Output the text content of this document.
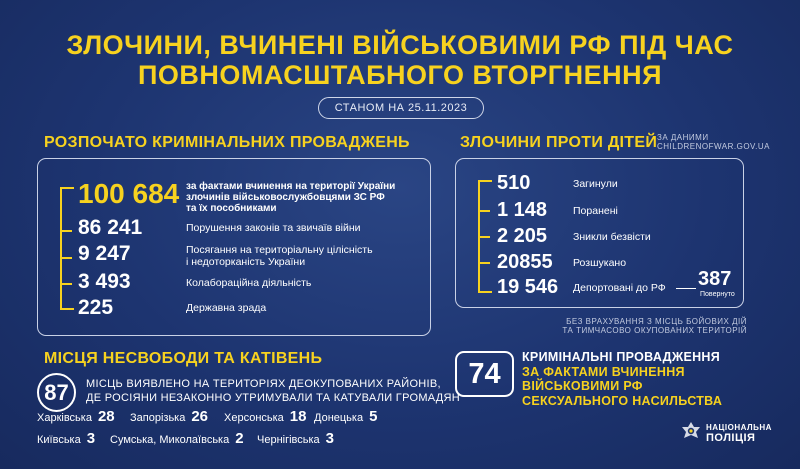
ЗЛОЧИНИ, ВЧИНЕНІ ВІЙСЬКОВИМИ РФ ПІД ЧАС
ПОВНОМАСШТАБНОГО ВТОРГНЕННЯ
СТАНОМ НА 25.11.2023
РОЗПОЧАТО КРИМІНАЛЬНИХ ПРОВАДЖЕНЬ
100 684 за фактами вчинення на території України
злочинів військовослужбовцями ЗС РФ
та їх пособниками
86 241	Порушення законів та звичаїв війни
9 247	Посягання на територіальну цілісність
і недоторканість України
3 493	Колабораційна діяльність
225	Державна зрада
ЗЛОЧИНИ ПРОТИ ДІТЕЙ ЗА ДАНИМИ
CHILDRENOFWAR.GOV.UA
510	Загинули
1 148 Поранені
2 205 Зникли безвісти
20855 Розшукано
19 546 Депортовані до РФ 387
Повернуто
БЕЗ ВРАХУВАННЯ З МІСЦЬ БОЙОВИХ ДІЙ
ТА ТИМЧАСОВО ОКУПОВАНИХ ТЕРИТОРІЙ
МІСЦЯ НЕСВОБОДИ ТА КАТІВЕНЬ
87	МІСЦЬ ВИЯВЛЕНО НА ТЕРИТОРІЯХ ДЕОКУПОВАНИХ РАЙОНІВ,
ДЕ РОСІЯНИ НЕЗАКОННО УТРИМУВАЛИ ТА КАТУВАЛИ ГРОМАДЯН
Харківська 28 Запорізька 26 Херсонська 18 Донецька 5
Київська 3 Сумська, Миколаївська 2 Чернігівська 3
74
КРИМІНАЛЬНІ ПРОВАДЖЕННЯ
ЗА ФАКТАМИ ВЧИНЕННЯ
ВІЙСЬКОВИМИ РФ
СЕКСУАЛЬНОГО НАСИЛЬСТВА
НАЦІОНАЛЬНА
ПОЛІЦІЯ
